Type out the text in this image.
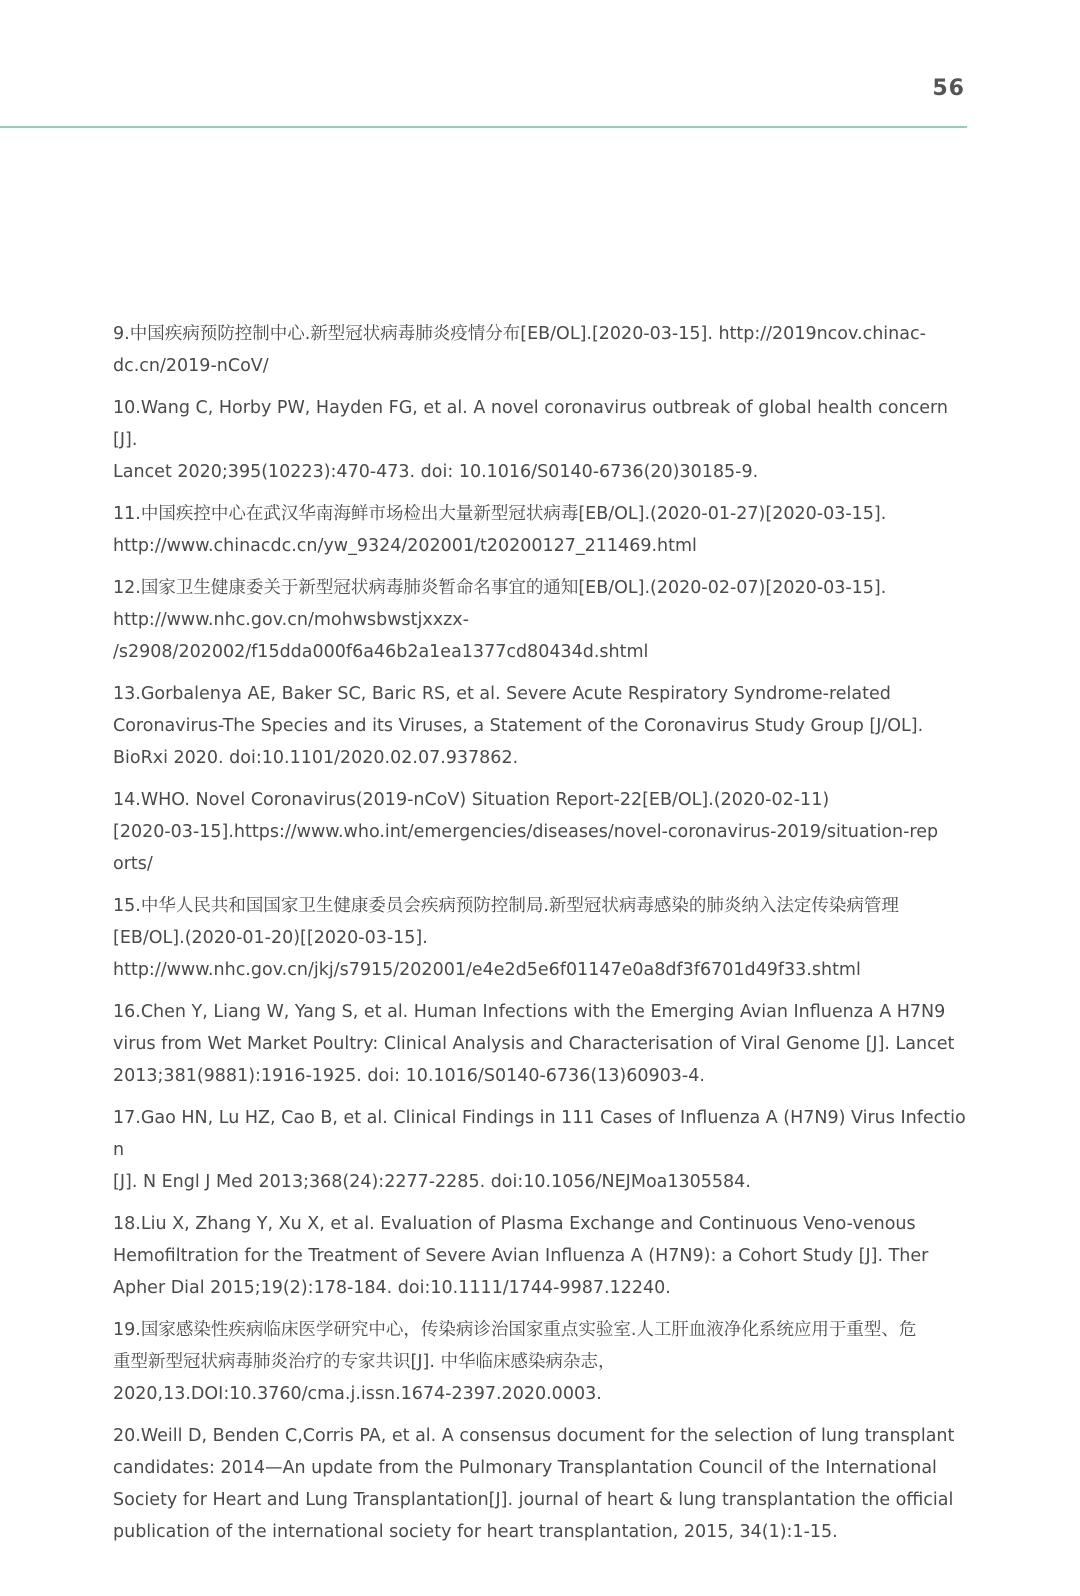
56
9.中国疾病预防控制中心.新型冠状病毒肺炎疫情分布[EB/OL].[2020-03-15]. http://2019ncov.chinac-
dc.cn/2019-nCoV/
10.Wang C, Horby PW, Hayden FG, et al. A novel coronavirus outbreak of global health concern [J].
Lancet 2020;395(10223):470-473. doi: 10.1016/S0140-6736(20)30185-9.
11.中国疾控中心在武汉华南海鲜市场检出大量新型冠状病毒[EB/OL].(2020-01-27)[2020-03-15].
http://www.chinacdc.cn/yw_9324/202001/t20200127_211469.html
12.国家卫生健康委关于新型冠状病毒肺炎暂命名事宜的通知[EB/OL].(2020-02-07)[2020-03-15].
http://www.nhc.gov.cn/mohwsbwstjxxzx-
/s2908/202002/f15dda000f6a46b2a1ea1377cd80434d.shtml
13.Gorbalenya AE, Baker SC, Baric RS, et al. Severe Acute Respiratory Syndrome-related
Coronavirus-The Species and its Viruses, a Statement of the Coronavirus Study Group [J/OL].
BioRxi 2020. doi:10.1101/2020.02.07.937862.
14.WHO. Novel Coronavirus(2019-nCoV) Situation Report-22[EB/OL].(2020-02-11)
[2020-03-15].https://www.who.int/emergencies/diseases/novel-coronavirus-2019/situation-rep
orts/
15.中华人民共和国国家卫生健康委员会疾病预防控制局.新型冠状病毒感染的肺炎纳入法定传染病管理
[EB/OL].(2020-01-20)[[2020-03-15].
http://www.nhc.gov.cn/jkj/s7915/202001/e4e2d5e6f01147e0a8df3f6701d49f33.shtml
16.Chen Y, Liang W, Yang S, et al. Human Infections with the Emerging Avian Influenza A H7N9
virus from Wet Market Poultry: Clinical Analysis and Characterisation of Viral Genome [J]. Lancet
2013;381(9881):1916-1925. doi: 10.1016/S0140-6736(13)60903-4.
17.Gao HN, Lu HZ, Cao B, et al. Clinical Findings in 111 Cases of Influenza A (H7N9) Virus Infection
[J]. N Engl J Med 2013;368(24):2277-2285. doi:10.1056/NEJMoa1305584.
18.Liu X, Zhang Y, Xu X, et al. Evaluation of Plasma Exchange and Continuous Veno-venous
Hemofiltration for the Treatment of Severe Avian Influenza A (H7N9): a Cohort Study [J]. Ther
Apher Dial 2015;19(2):178-184. doi:10.1111/1744-9987.12240.
19.国家感染性疾病临床医学研究中心，传染病诊治国家重点实验室.人工肝血液净化系统应用于重型、危
重型新型冠状病毒肺炎治疗的专家共识[J]. 中华临床感染病杂志，
2020,13.DOI:10.3760/cma.j.issn.1674-2397.2020.0003.
20.Weill D, Benden C,Corris PA, et al. A consensus document for the selection of lung transplant
candidates: 2014—An update from the Pulmonary Transplantation Council of the International
Society for Heart and Lung Transplantation[J]. journal of heart & lung transplantation the official
publication of the international society for heart transplantation, 2015, 34(1):1-15.
